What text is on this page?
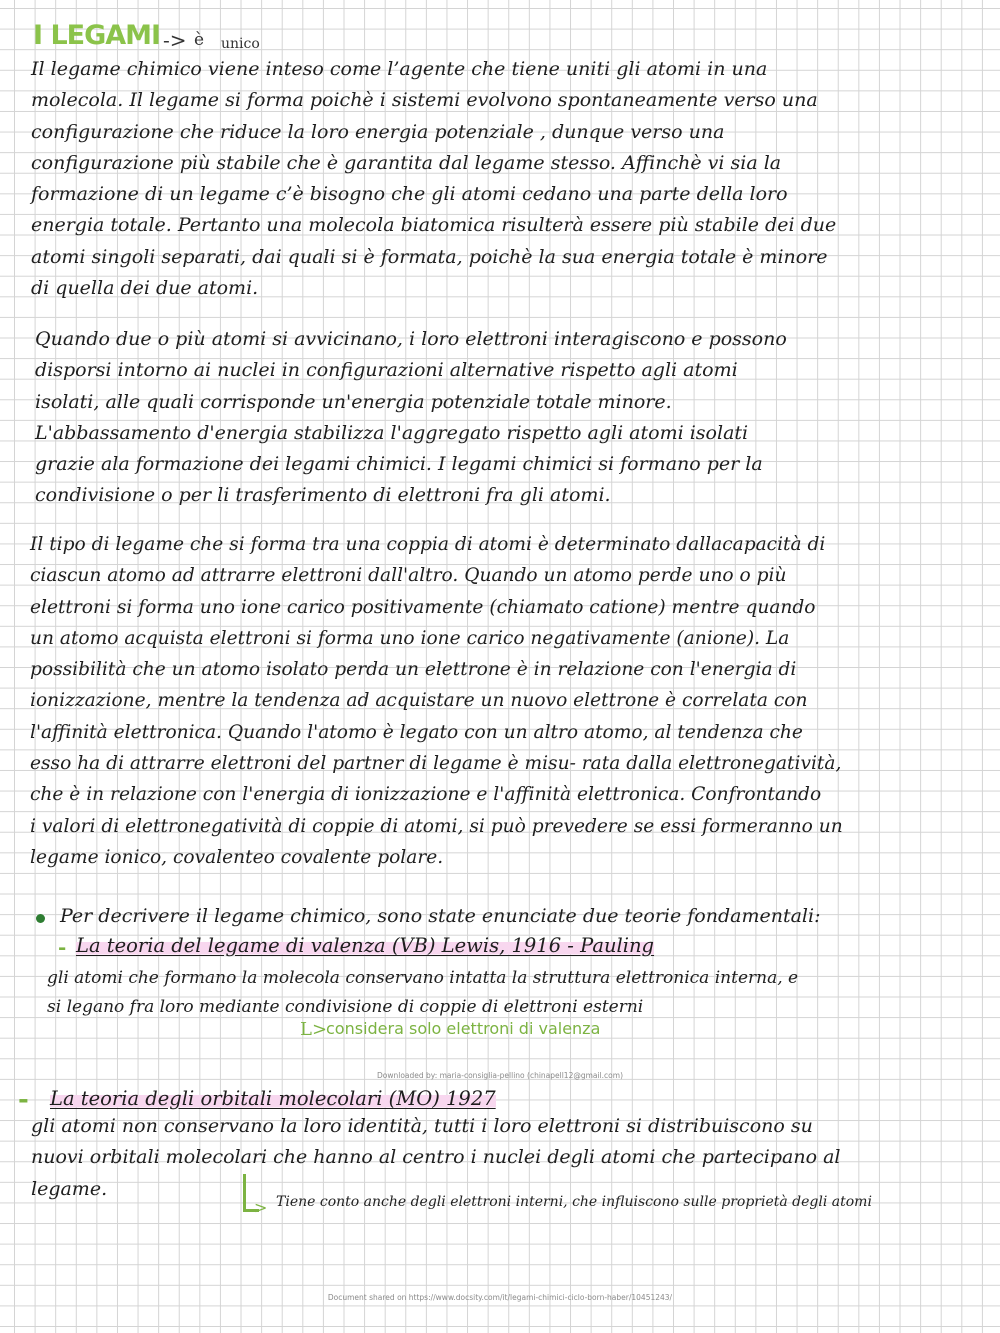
I LEGAMI -> è unico

Il legame chimico viene inteso come l’agente che tiene uniti gli atomi in una
molecola. Il legame si forma poichè i sistemi evolvono spontaneamente verso una
configurazione che riduce la loro energia potenziale , dunque verso una
configurazione più stabile che è garantita dal legame stesso. Affinchè vi sia la
formazione di un legame c’è bisogno che gli atomi cedano una parte della loro
energia totale. Pertanto una molecola biatomica risulterà essere più stabile dei due
atomi singoli separati, dai quali si è formata, poichè la sua energia totale è minore
di quella dei due atomi.

Quando due o più atomi si avvicinano, i loro elettroni interagiscono e possono
disporsi intorno ai nuclei in configurazioni alternative rispetto agli atomi
isolati, alle quali corrisponde un'energia potenziale totale minore.
L'abbassamento d'energia stabilizza l'aggregato rispetto agli atomi isolati
grazie ala formazione dei legami chimici. I legami chimici si formano per la
condivisione o per li trasferimento di elettroni fra gli atomi.

Il tipo di legame che si forma tra una coppia di atomi è determinato dallacapacità di
ciascun atomo ad attrarre elettroni dall'altro. Quando un atomo perde uno o più
elettroni si forma uno ione carico positivamente (chiamato catione) mentre quando
un atomo acquista elettroni si forma uno ione carico negativamente (anione). La
possibilità che un atomo isolato perda un elettrone è in relazione con l'energia di
ionizzazione, mentre la tendenza ad acquistare un nuovo elettrone è correlata con
l'affinità elettronica. Quando l'atomo è legato con un altro atomo, al tendenza che
esso ha di attrarre elettroni del partner di legame è misu- rata dalla elettronegatività,
che è in relazione con l'energia di ionizzazione e l'affinità elettronica. Confrontando
i valori di elettronegatività di coppie di atomi, si può prevedere se essi formeranno un
legame ionico, covalenteo covalente polare.

Per decrivere il legame chimico, sono state enunciate due teorie fondamentali:
- La teoria del legame di valenza (VB) Lewis, 1916 - Pauling

gli atomi che formano la molecola conservano intatta la struttura elettronica interna, e
si legano fra loro mediante condivisione di coppie di elettroni esterni

L>
considera solo elettroni di valenza
Downloaded by: maria-consiglia-pellino (chinapell12@gmail.com)
- La teoria degli orbitali molecolari (MO) 1927

gli atomi non conservano la loro identità, tutti i loro elettroni si distribuiscono su
nuovi orbitali molecolari che hanno al centro i nuclei degli atomi che partecipano al
legame.

> Tiene conto anche degli elettroni interni, che influiscono sulle proprietà degli atomi
Document shared on https://www.docsity.com/it/legami-chimici-ciclo-born-haber/10451243/
